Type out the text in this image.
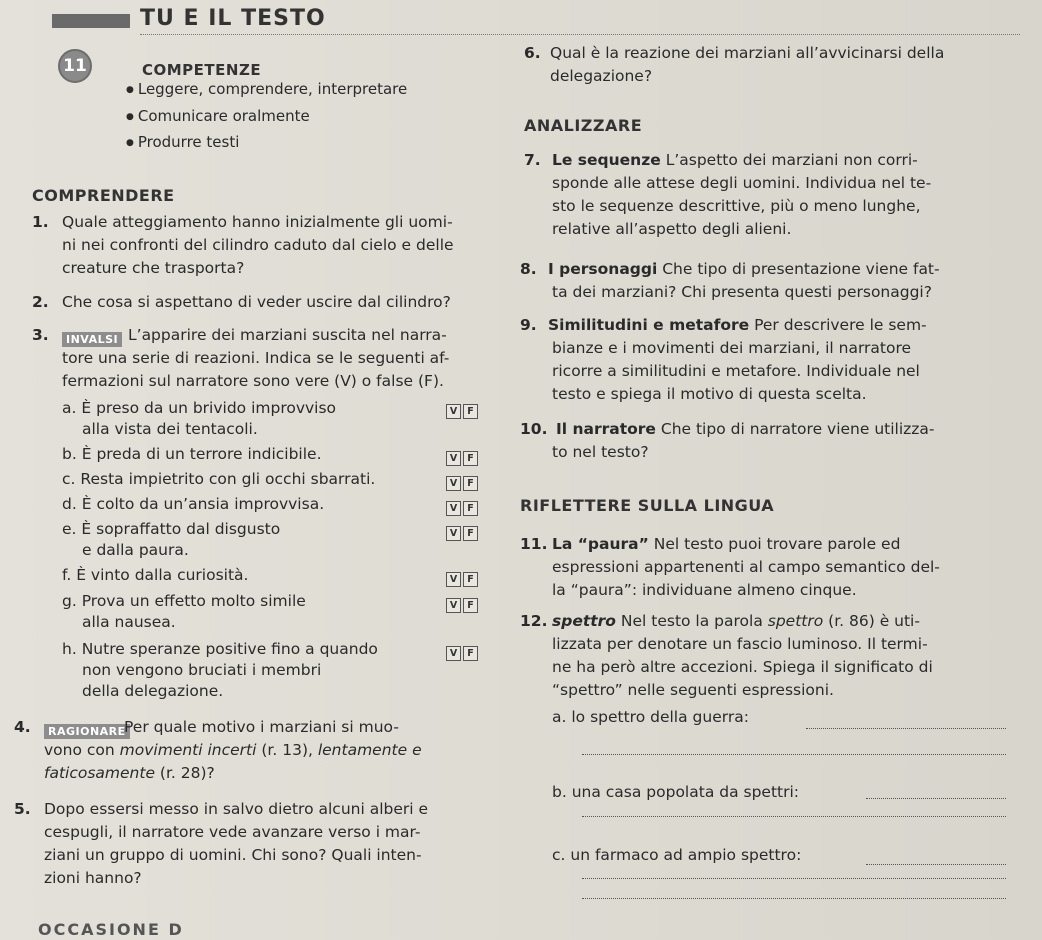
TU E IL TESTO
11	COMPETENZE
● Leggere, comprendere, interpretare
● Comunicare oralmente
● Produrre testi
COMPRENDERE
1. Quale atteggiamento hanno inizialmente gli uomi-
ni nei confronti del cilindro caduto dal cielo e delle
creature che trasporta?
2. Che cosa si aspettano di veder uscire dal cilindro?
3.	INVALSI L’apparire dei marziani suscita nel narra-
tore una serie di reazioni. Indica se le seguenti af-
fermazioni sul narratore sono vere (V) o false (F).
a. È preso da un brivido improvviso
alla vista dei tentacoli.
V F
b. È preda di un terrore indicibile.	V F
c. Resta impietrito con gli occhi sbarrati.	V F
d. È colto da un’ansia improvvisa.	V F
e. È sopraffatto dal disgusto
e dalla paura.
V F
f. È vinto dalla curiosità.	V F
g. Prova un effetto molto simile
alla nausea.
V F
h. Nutre speranze positive fino a quando
non vengono bruciati i membri
della delegazione.
V F
4.	RAGIONARE
Per quale motivo i marziani si muo-
vono con movimenti incerti (r. 13), lentamente e
faticosamente (r. 28)?
5. Dopo essersi messo in salvo dietro alcuni alberi e
cespugli, il narratore vede avanzare verso i mar-
ziani un gruppo di uomini. Chi sono? Quali inten-
zioni hanno?
6. Qual è la reazione dei marziani all’avvicinarsi della
delegazione?
ANALIZZARE
7. Le sequenze L’aspetto dei marziani non corri-
sponde alle attese degli uomini. Individua nel te-
sto le sequenze descrittive, più o meno lunghe,
relative all’aspetto degli alieni.
8. I personaggi Che tipo di presentazione viene fat-
ta dei marziani? Chi presenta questi personaggi?
9. Similitudini e metafore Per descrivere le sem-
bianze e i movimenti dei marziani, il narratore
ricorre a similitudini e metafore. Individuale nel
testo e spiega il motivo di questa scelta.
10. Il narratore Che tipo di narratore viene utilizza-
to nel testo?
RIFLETTERE SULLA LINGUA
11. La “paura” Nel testo puoi trovare parole ed
espressioni appartenenti al campo semantico del-
la “paura”: individuane almeno cinque.
12. spettro Nel testo la parola spettro (r. 86) è uti-
lizzata per denotare un fascio luminoso. Il termi-
ne ha però altre accezioni. Spiega il significato di
“spettro” nelle seguenti espressioni.
a. lo spettro della guerra:
b. una casa popolata da spettri:
c. un farmaco ad ampio spettro:
OCCASIONE D
